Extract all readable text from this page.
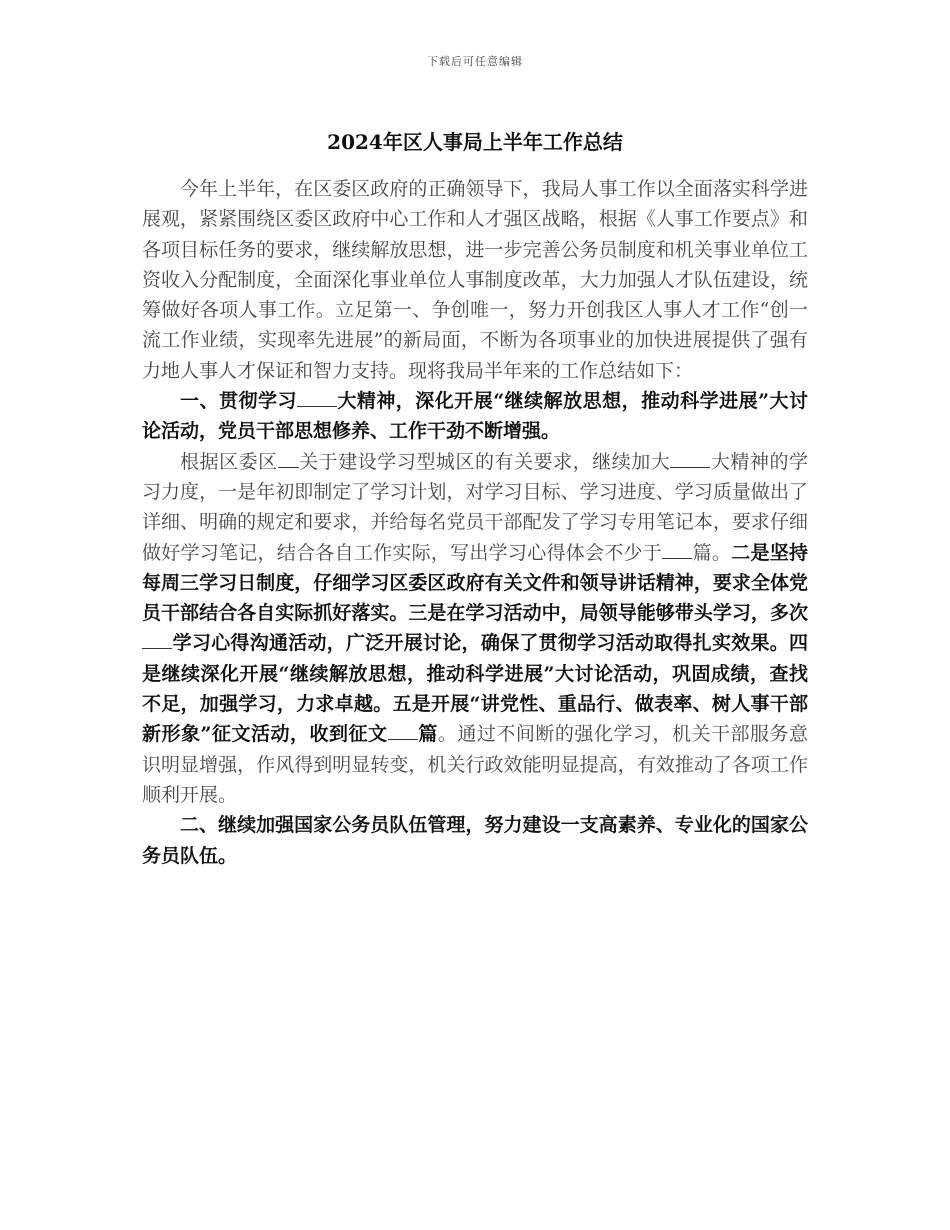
下载后可任意编辑
2024年区人事局上半年工作总结

今年上半年，在区委区政府的正确领导下，我局人事工作以全面落实科学进展观，紧紧围绕区委区政府中心工作和人才强区战略，根据《人事工作要点》和各项目标任务的要求，继续解放思想，进一步完善公务员制度和机关事业单位工资收入分配制度，全面深化事业单位人事制度改革，大力加强人才队伍建设，统筹做好各项人事工作。立足第一、争创唯一，努力开创我区人事人才工作“创一流工作业绩，实现率先进展”的新局面，不断为各项事业的加快进展提供了强有力地人事人才保证和智力支持。现将我局半年来的工作总结如下：

一、贯彻学习 大精神，深化开展“继续解放思想，推动科学进展”大讨论活动，党员干部思想修养、工作干劲不断增强。

根据区委区 关于建设学习型城区的有关要求，继续加大 大精神的学习力度，一是年初即制定了学习计划，对学习目标、学习进度、学习质量做出了详细、明确的规定和要求，并给每名党员干部配发了学习专用笔记本，要求仔细做好学习笔记，结合各自工作实际，写出学习心得体会不少于 篇。二是坚持每周三学习日制度，仔细学习区委区政府有关文件和领导讲话精神，要求全体党员干部结合各自实际抓好落实。三是在学习活动中，局领导能够带头学习，多次学习心得沟通活动，广泛开展讨论，确保了贯彻学习活动取得扎实效果。四是继续深化开展“继续解放思想，推动科学进展”大讨论活动，巩固成绩，查找不足，加强学习，力求卓越。五是开展“讲党性、重品行、做表率、树人事干部新形象”征文活动，收到征文 篇。通过不间断的强化学习，机关干部服务意识明显增强，作风得到明显转变，机关行政效能明显提高，有效推动了各项工作顺利开展。

二、继续加强国家公务员队伍管理，努力建设一支高素养、专业化的国家公务员队伍。
